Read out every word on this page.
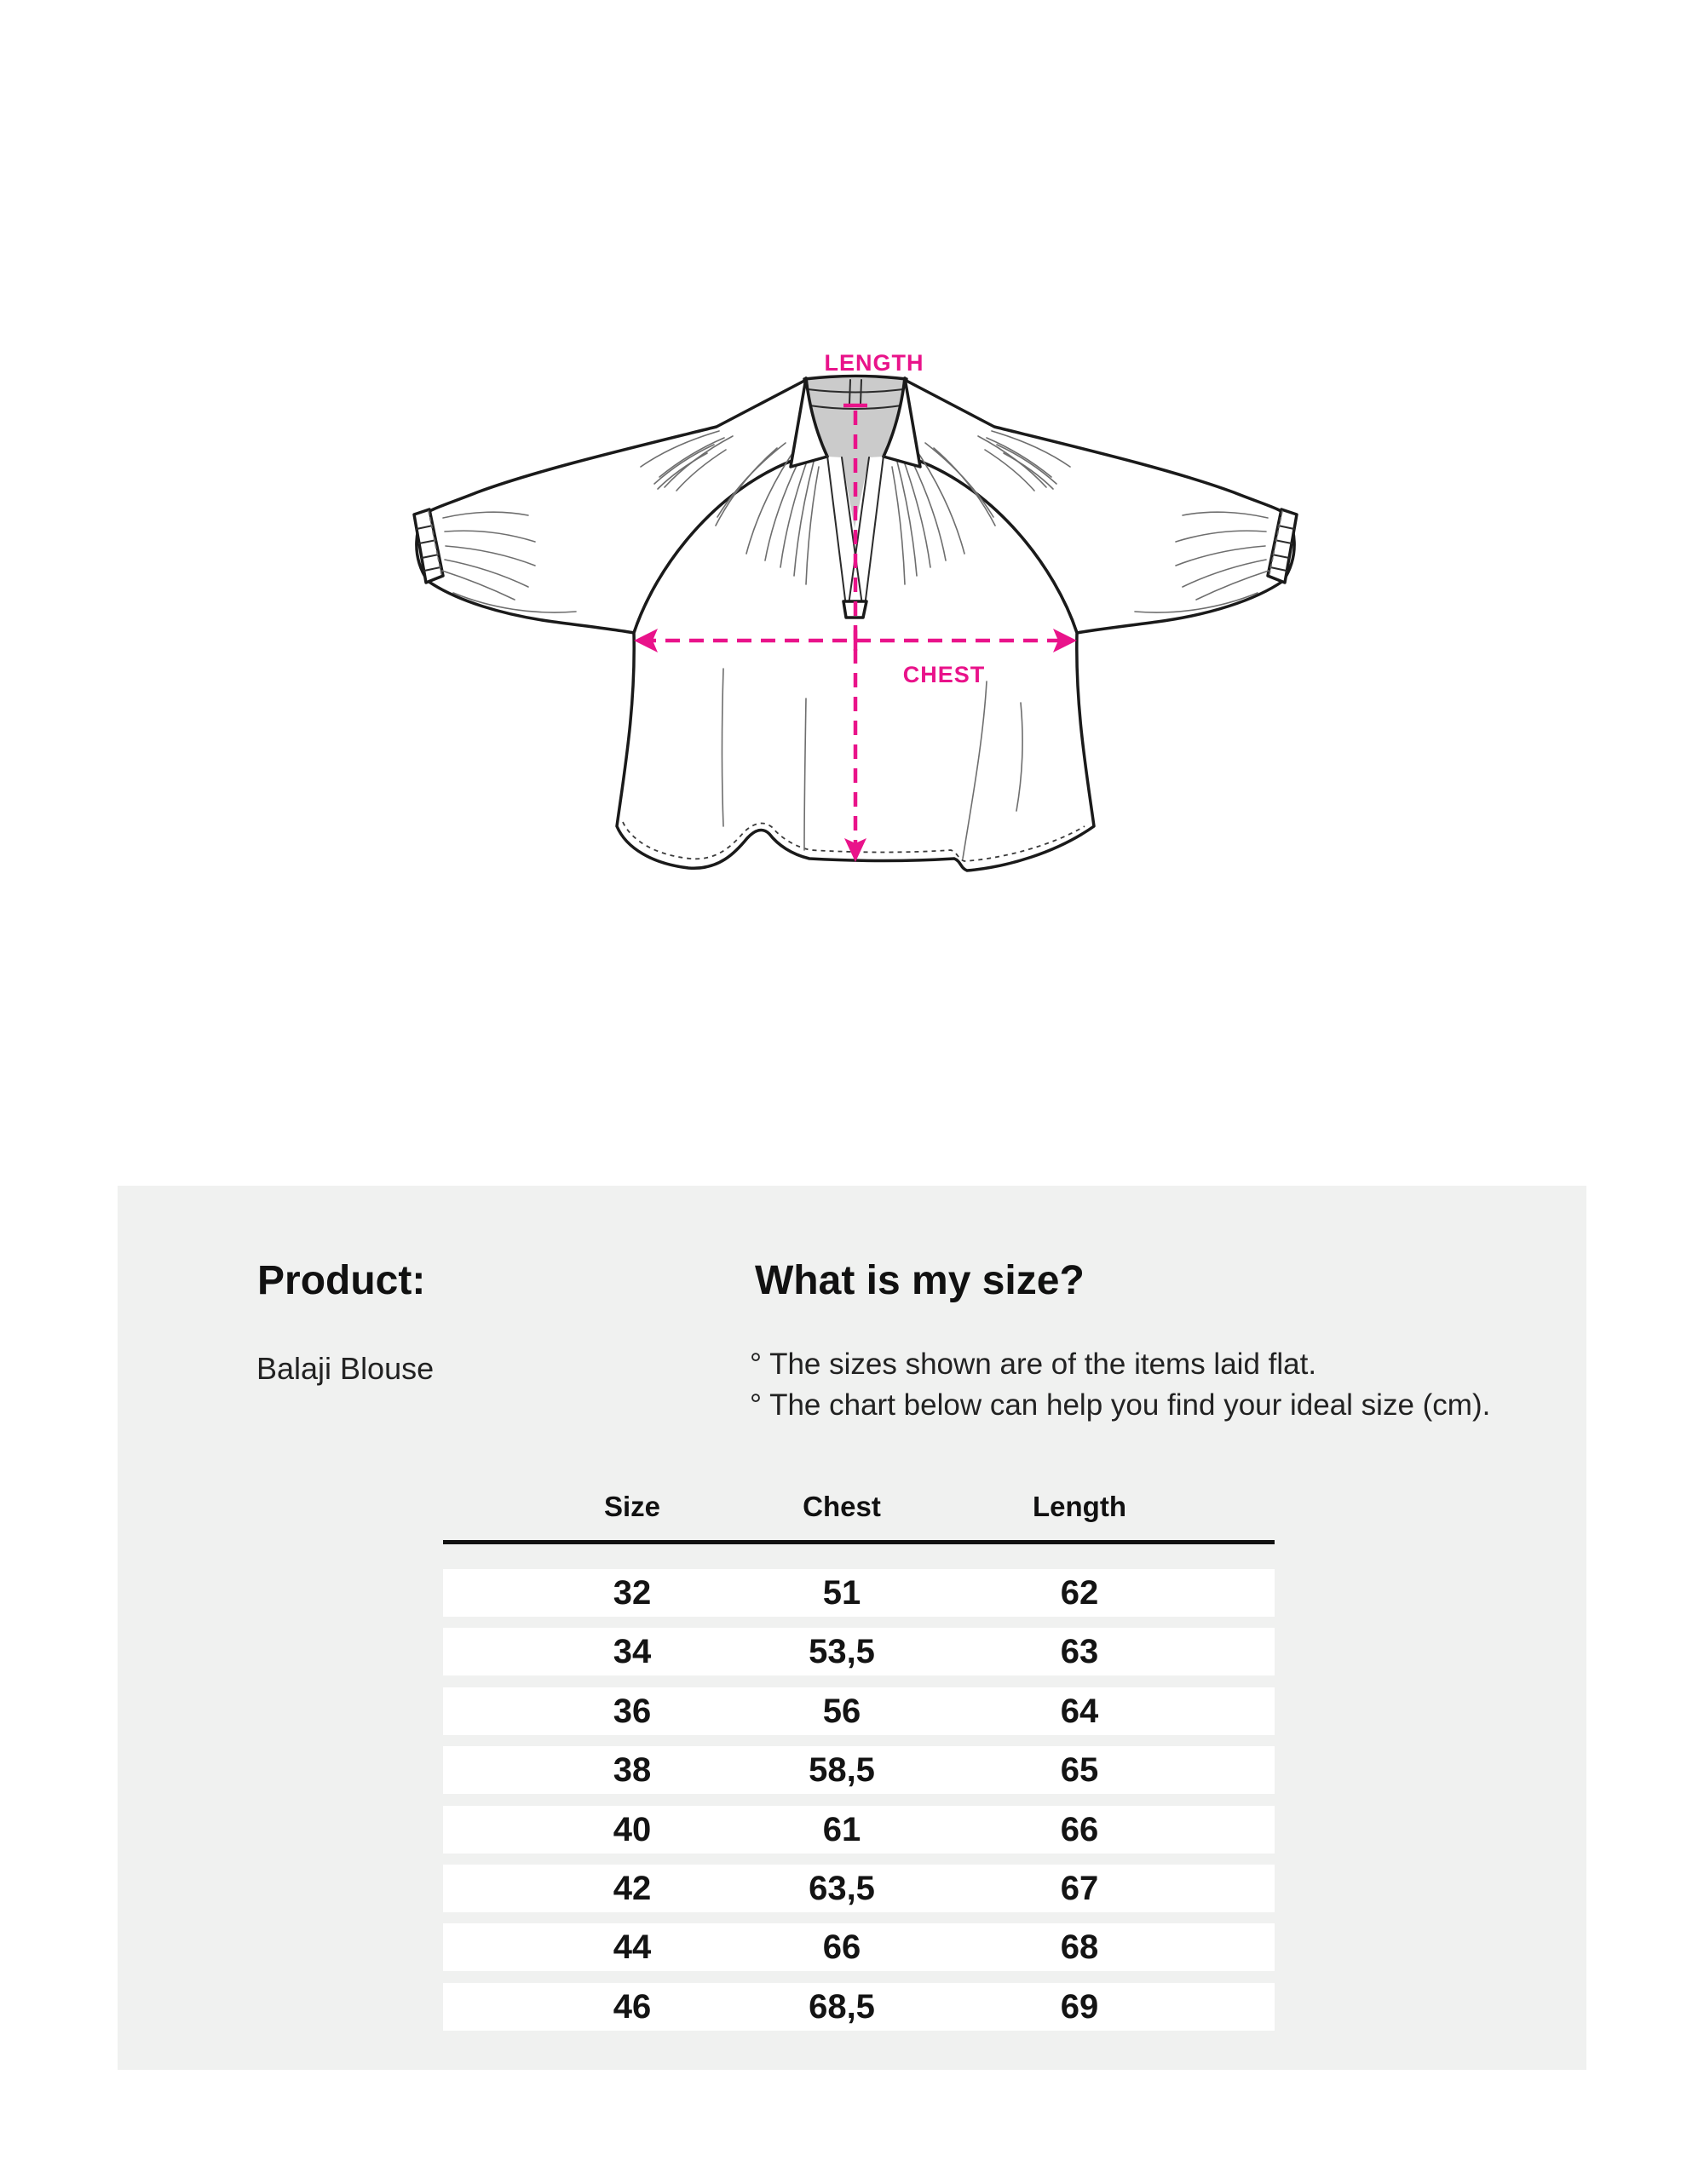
LENGTH
CHEST
Product:
Balaji Blouse
What is my size?
° The sizes shown are of the items laid flat.
° The chart below can help you find your ideal size (cm).
Size	Chest	Length
32	51	62
34	53,5	63
36	56	64
38	58,5	65
40	61	66
42	63,5	67
44	66	68
46	68,5	69
